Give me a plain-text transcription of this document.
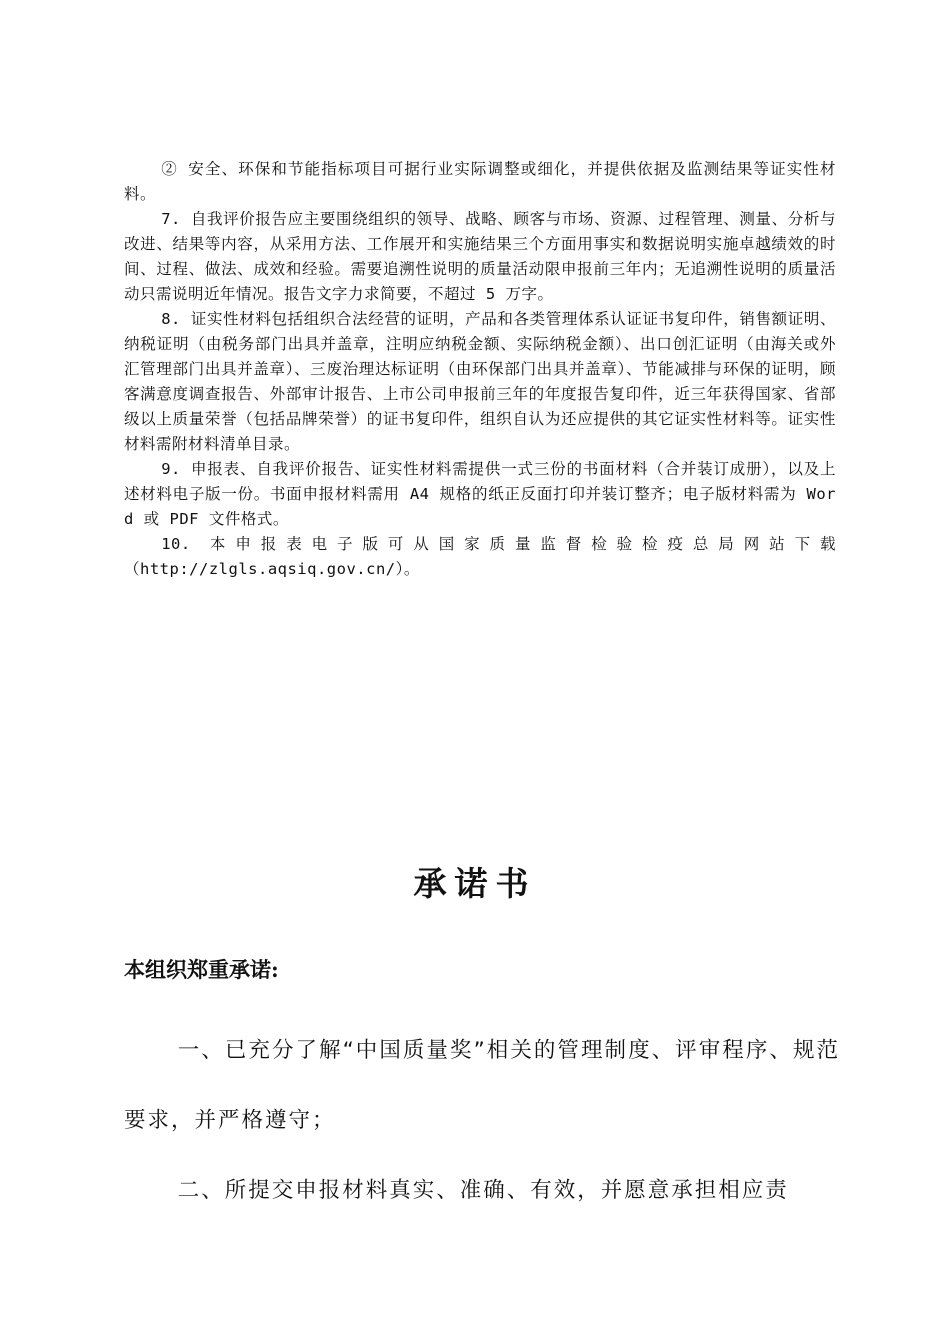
② 安全、环保和节能指标项目可据行业实际调整或细化，并提供依据及监测结果等证实性材料。

7. 自我评价报告应主要围绕组织的领导、战略、顾客与市场、资源、过程管理、测量、分析与改进、结果等内容，从采用方法、工作展开和实施结果三个方面用事实和数据说明实施卓越绩效的时间、过程、做法、成效和经验。需要追溯性说明的质量活动限申报前三年内；无追溯性说明的质量活动只需说明近年情况。报告文字力求简要，不超过 5 万字。

8. 证实性材料包括组织合法经营的证明，产品和各类管理体系认证证书复印件，销售额证明、纳税证明（由税务部门出具并盖章，注明应纳税金额、实际纳税金额）、出口创汇证明（由海关或外汇管理部门出具并盖章）、三废治理达标证明（由环保部门出具并盖章）、节能减排与环保的证明，顾客满意度调查报告、外部审计报告、上市公司申报前三年的年度报告复印件，近三年获得国家、省部级以上质量荣誉（包括品牌荣誉）的证书复印件，组织自认为还应提供的其它证实性材料等。证实性材料需附材料清单目录。

9. 申报表、自我评价报告、证实性材料需提供一式三份的书面材料（合并装订成册），以及上述材料电子版一份。书面申报材料需用 A4 规格的纸正反面打印并装订整齐；电子版材料需为 Word 或 PDF 文件格式。

10. 本申报表电子版可从国家质量监督检验检疫总局网站下载

（http://zlgls.aqsiq.gov.cn/）。

承诺书
本组织郑重承诺:

一、已充分了解“中国质量奖”相关的管理制度、评审程序、规范要求，并严格遵守；

二、所提交申报材料真实、准确、有效，并愿意承担相应责
